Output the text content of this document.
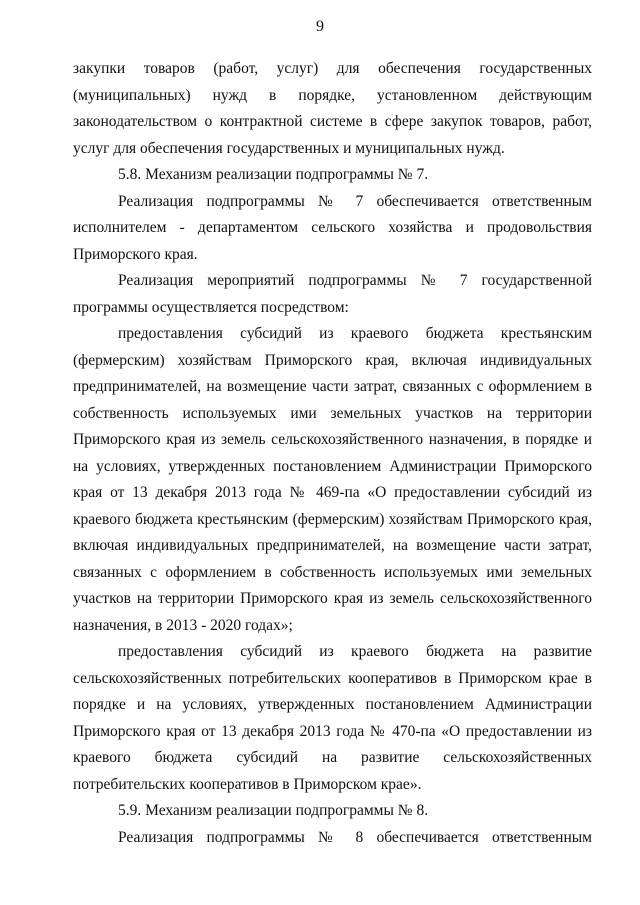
9

закупки товаров (работ, услуг) для обеспечения государственных (муниципальных) нужд в порядке, установленном действующим законодательством о контрактной системе в сфере закупок товаров, работ, услуг для обеспечения государственных и муниципальных нужд.

5.8. Механизм реализации подпрограммы № 7.

Реализация подпрограммы № 7 обеспечивается ответственным исполнителем - департаментом сельского хозяйства и продовольствия Приморского края.

Реализация мероприятий подпрограммы № 7 государственной программы осуществляется посредством:

предоставления субсидий из краевого бюджета крестьянским (фермерским) хозяйствам Приморского края, включая индивидуальных предпринимателей, на возмещение части затрат, связанных с оформлением в собственность используемых ими земельных участков на территории Приморского края из земель сельскохозяйственного назначения, в порядке и на условиях, утвержденных постановлением Администрации Приморского края от 13 декабря 2013 года № 469-па «О предоставлении субсидий из краевого бюджета крестьянским (фермерским) хозяйствам Приморского края, включая индивидуальных предпринимателей, на возмещение части затрат, связанных с оформлением в собственность используемых ими земельных участков на территории Приморского края из земель сельскохозяйственного назначения, в 2013 - 2020 годах»;

предоставления субсидий из краевого бюджета на развитие сельскохозяйственных потребительских кооперативов в Приморском крае в порядке и на условиях, утвержденных постановлением Администрации Приморского края от 13 декабря 2013 года № 470-па «О предоставлении из краевого бюджета субсидий на развитие сельскохозяйственных потребительских кооперативов в Приморском крае».

5.9. Механизм реализации подпрограммы № 8.

Реализация подпрограммы № 8 обеспечивается ответственным
